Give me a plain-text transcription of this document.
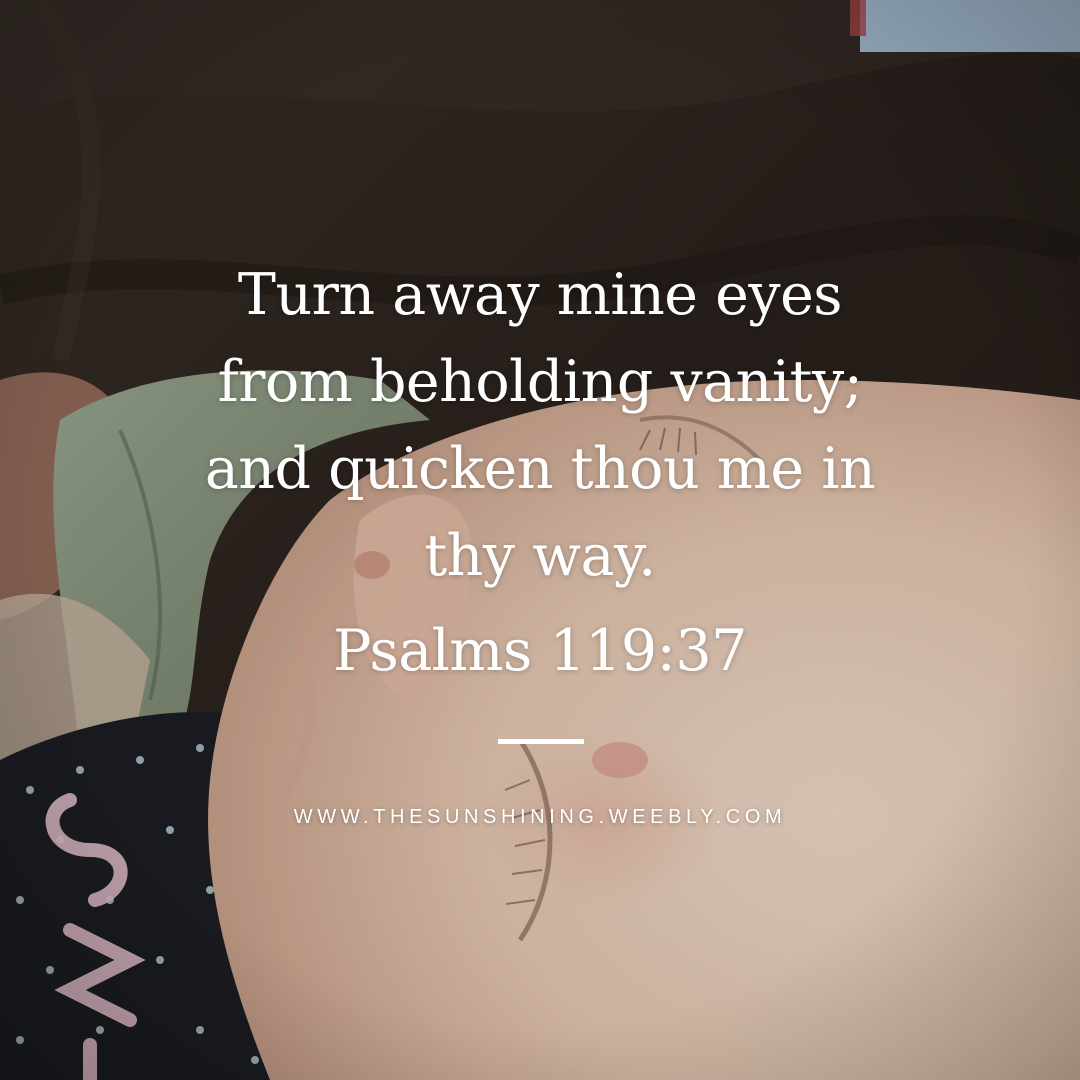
Turn away mine eyes
from beholding vanity;
and quicken thou me in
thy way.
Psalms 119:37
WWW.THESUNSHINING.WEEBLY.COM
